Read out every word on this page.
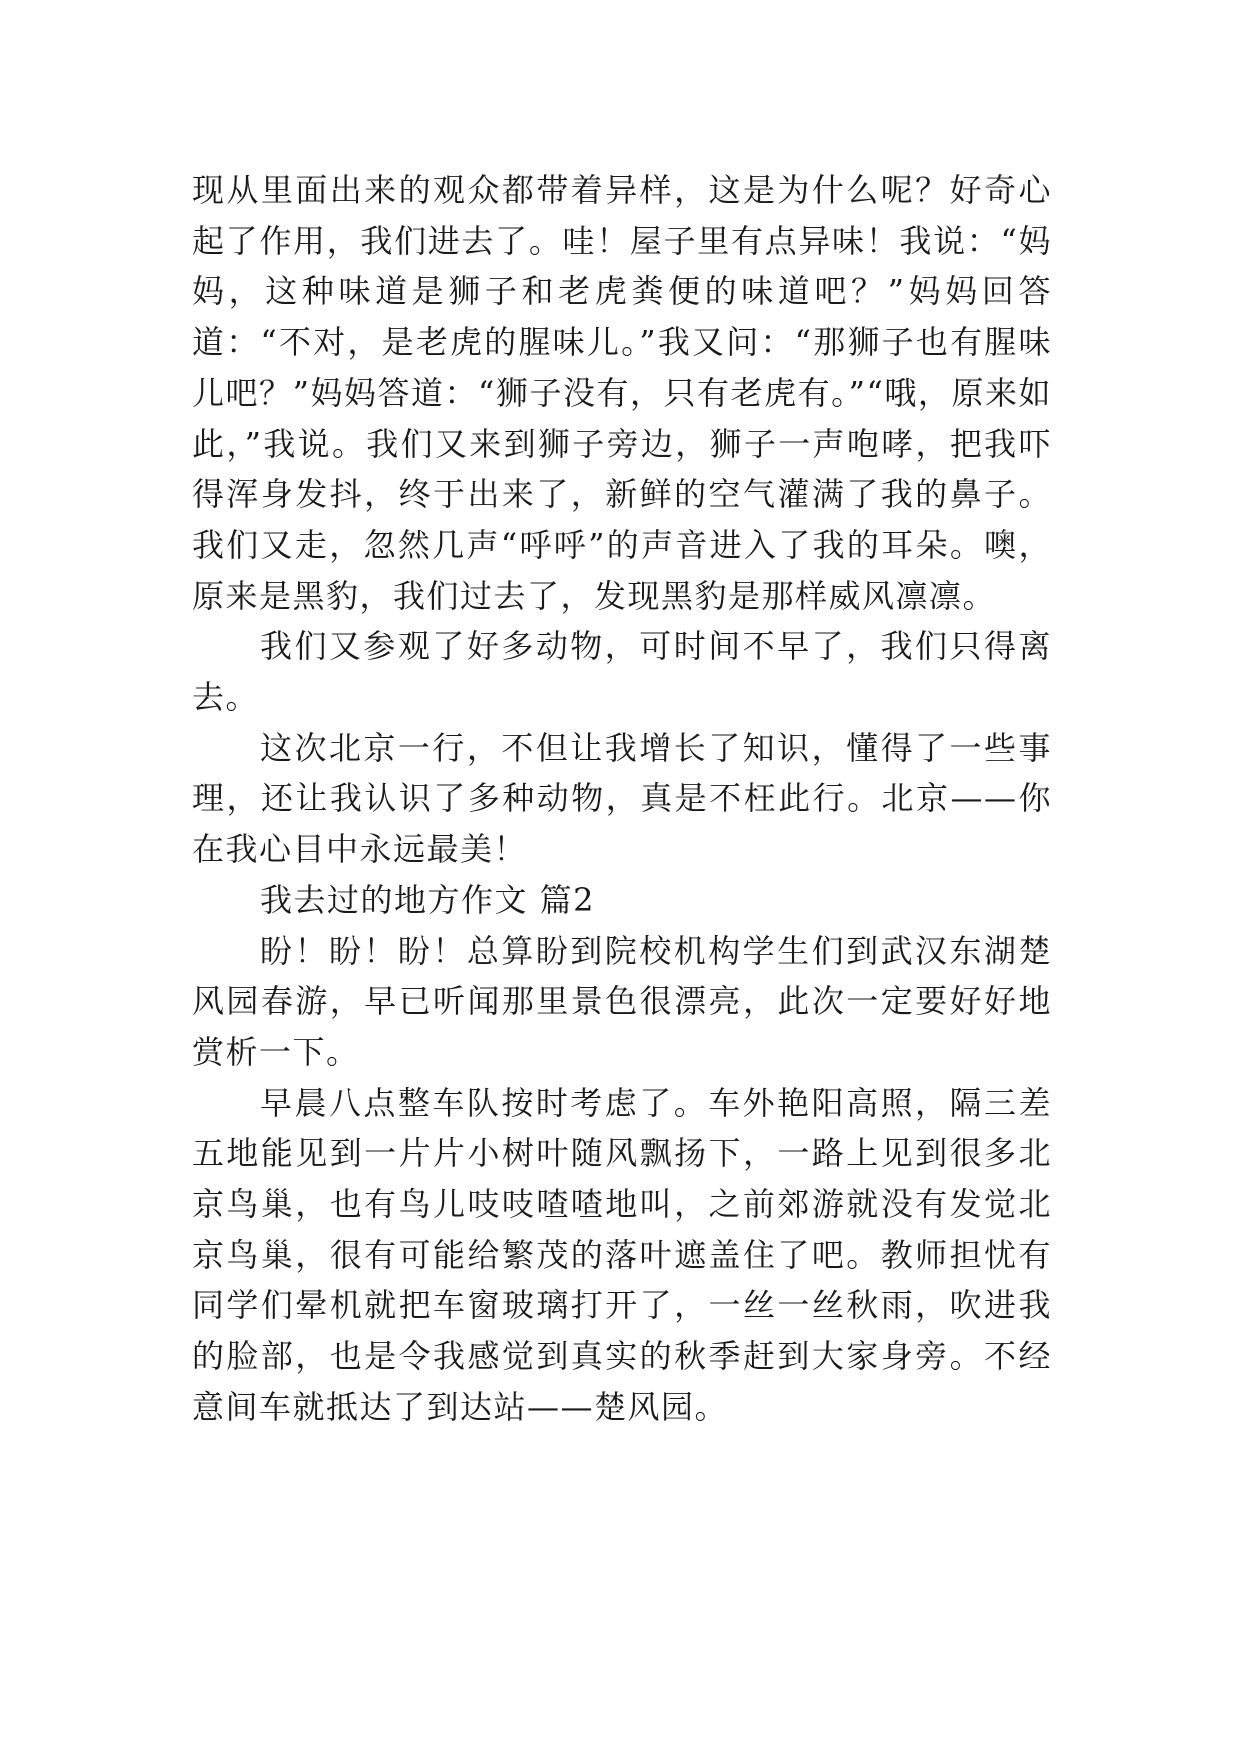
现从里面出来的观众都带着异样，这是为什么呢？好奇心起了作用，我们进去了。哇！屋子里有点异味！我说：“妈妈，这种味道是狮子和老虎粪便的味道吧？”妈妈回答道：“不对，是老虎的腥味儿。”我又问：“那狮子也有腥味儿吧？”妈妈答道：“狮子没有，只有老虎有。”“哦，原来如此，”我说。我们又来到狮子旁边，狮子一声咆哮，把我吓得浑身发抖，终于出来了，新鲜的空气灌满了我的鼻子。我们又走，忽然几声“呼呼”的声音进入了我的耳朵。噢，原来是黑豹，我们过去了，发现黑豹是那样威风凛凛。

我们又参观了好多动物，可时间不早了，我们只得离去。

这次北京一行，不但让我增长了知识，懂得了一些事理，还让我认识了多种动物，真是不枉此行。北京——你在我心目中永远最美！

我去过的地方作文 篇2

盼！盼！盼！总算盼到院校机构学生们到武汉东湖楚风园春游，早已听闻那里景色很漂亮，此次一定要好好地赏析一下。

早晨八点整车队按时考虑了。车外艳阳高照，隔三差五地能见到一片片小树叶随风飘扬下，一路上见到很多北京鸟巢，也有鸟儿吱吱喳喳地叫，之前郊游就没有发觉北京鸟巢，很有可能给繁茂的落叶遮盖住了吧。教师担忧有同学们晕机就把车窗玻璃打开了，一丝一丝秋雨，吹进我的脸部，也是令我感觉到真实的秋季赶到大家身旁。不经意间车就抵达了到达站——楚风园。
